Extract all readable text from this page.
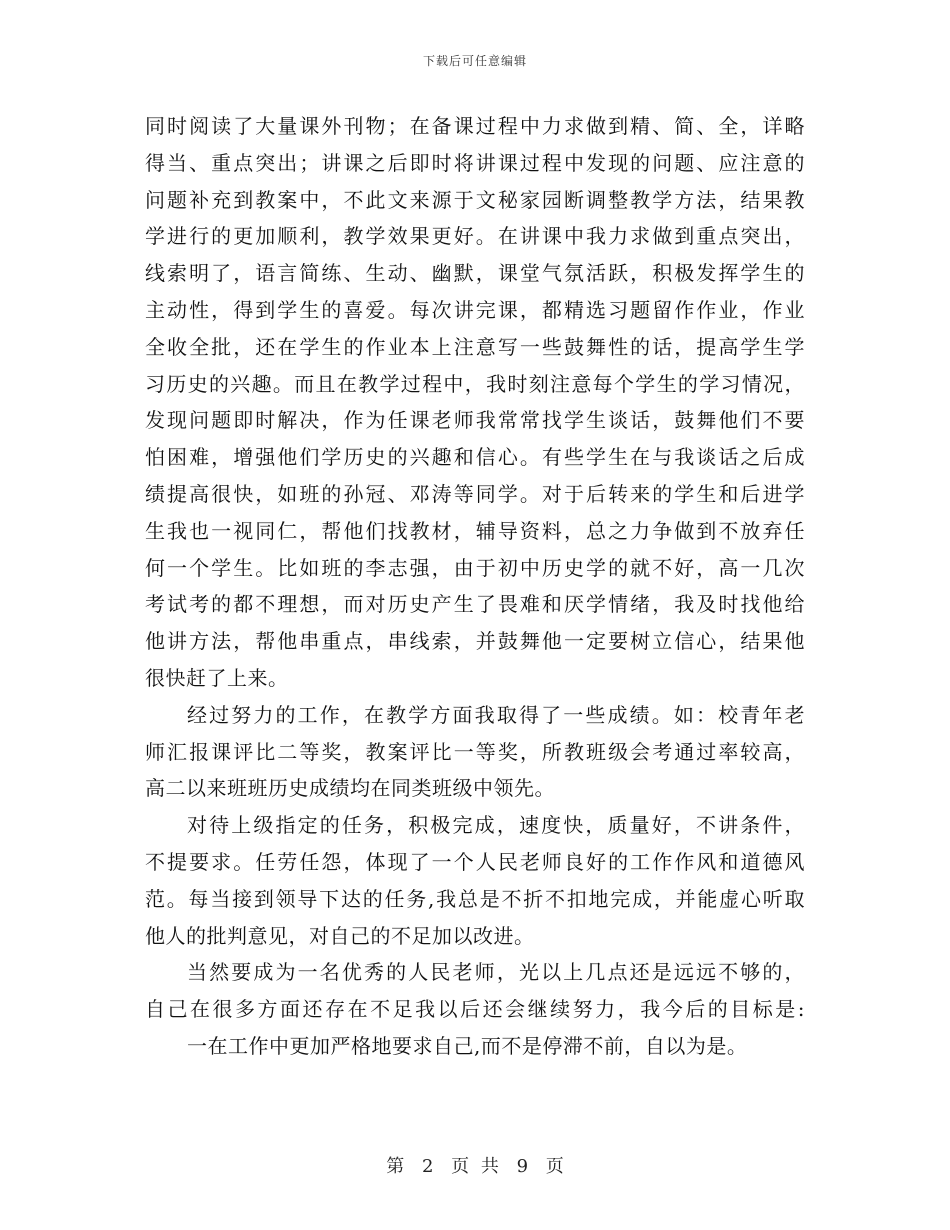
下载后可任意编辑
同时阅读了大量课外刊物；在备课过程中力求做到精、简、全，详略
得当、重点突出；讲课之后即时将讲课过程中发现的问题、应注意的
问题补充到教案中，不此文来源于文秘家园断调整教学方法，结果教
学进行的更加顺利，教学效果更好。在讲课中我力求做到重点突出，
线索明了，语言简练、生动、幽默，课堂气氛活跃，积极发挥学生的
主动性，得到学生的喜爱。每次讲完课，都精选习题留作作业，作业
全收全批，还在学生的作业本上注意写一些鼓舞性的话，提高学生学
习历史的兴趣。而且在教学过程中，我时刻注意每个学生的学习情况，
发现问题即时解决，作为任课老师我常常找学生谈话，鼓舞他们不要
怕困难，增强他们学历史的兴趣和信心。有些学生在与我谈话之后成
绩提高很快，如班的孙冠、邓涛等同学。对于后转来的学生和后进学
生我也一视同仁，帮他们找教材，辅导资料，总之力争做到不放弃任
何一个学生。比如班的李志强，由于初中历史学的就不好，高一几次
考试考的都不理想，而对历史产生了畏难和厌学情绪，我及时找他给
他讲方法，帮他串重点，串线索，并鼓舞他一定要树立信心，结果他
很快赶了上来。
经过努力的工作，在教学方面我取得了一些成绩。如：校青年老
师汇报课评比二等奖，教案评比一等奖，所教班级会考通过率较高，
高二以来班班历史成绩均在同类班级中领先。
对待上级指定的任务，积极完成，速度快，质量好，不讲条件，
不提要求。任劳任怨，体现了一个人民老师良好的工作作风和道德风
范。每当接到领导下达的任务,我总是不折不扣地完成，并能虚心听取
他人的批判意见，对自己的不足加以改进。
当然要成为一名优秀的人民老师，光以上几点还是远远不够的，
自己在很多方面还存在不足我以后还会继续努力，我今后的目标是:
一在工作中更加严格地要求自己,而不是停滞不前，自以为是。
第 2 页 共 9 页
